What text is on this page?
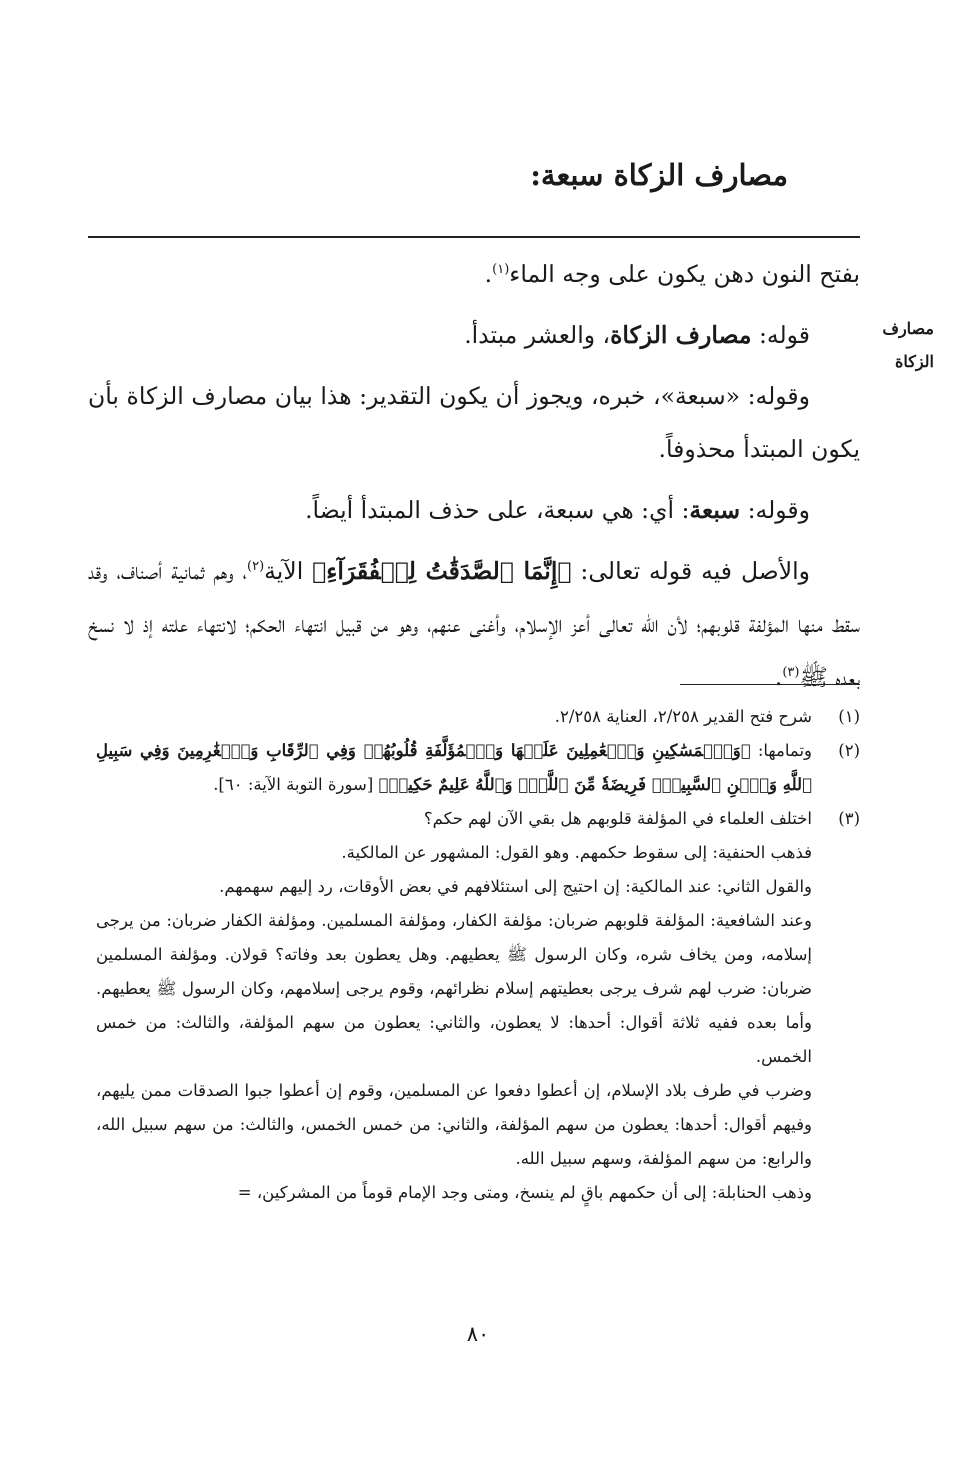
مصارف الزكاة سبعة:
مصارف
الزكاة

بفتح النون دهن يكون على وجه الماء$^{(١)}$.

قوله: مصارف الزكاة، والعشر مبتدأ.

وقوله: «سبعة»، خبره، ويجوز أن يكون التقدير: هذا بيان مصارف الزكاة بأن يكون المبتدأ محذوفاً.

وقوله: سبعة: أي: هي سبعة، على حذف المبتدأ أيضاً.

والأصل فيه قوله تعالى: ﴿إِنَّمَا ٱلصَّدَقَٰتُ لِلۡفُقَرَآءِ﴾ الآية$^{(٢)}$، وهم ثمانية أصناف، وقد سقط منها المؤلفة قلوبهم؛ لأن الله تعالى أعز الإسلام، وأغنى عنهم، وهو من قبيل انتهاء الحكم؛ لانتهاء علته إذ لا نسخ بعده ﷺ$^{(٣)}$.

(١)

شرح فتح القدير ٢/٢٥٨، العناية ٢/٢٥٨.

(٢)

وتمامها: ﴿وَٱلۡمَسَٰكِينِ وَٱلۡعَٰمِلِينَ عَلَيۡهَا وَٱلۡمُؤَلَّفَةِ قُلُوبُهُمۡ وَفِي ٱلرِّقَابِ وَٱلۡغَٰرِمِينَ وَفِي سَبِيلِ ٱللَّهِ وَٱبۡنِ ٱلسَّبِيلِۖ فَرِيضَةٗ مِّنَ ٱللَّهِۗ وَٱللَّهُ عَلِيمٌ حَكِيمٞ﴾ [سورة التوبة الآية: ٦٠].

(٣)

اختلف العلماء في المؤلفة قلوبهم هل بقي الآن لهم حكم؟

فذهب الحنفية: إلى سقوط حكمهم. وهو القول: المشهور عن المالكية.

والقول الثاني: عند المالكية: إن احتيج إلى استئلافهم في بعض الأوقات، رد إليهم سهمهم.

وعند الشافعية: المؤلفة قلوبهم ضربان: مؤلفة الكفار، ومؤلفة المسلمين. ومؤلفة الكفار ضربان: من يرجى إسلامه، ومن يخاف شره، وكان الرسول ﷺ يعطيهم. وهل يعطون بعد وفاته؟ قولان. ومؤلفة المسلمين ضربان: ضرب لهم شرف يرجى بعطيتهم إسلام نظرائهم، وقوم يرجى إسلامهم، وكان الرسول ﷺ يعطيهم. وأما بعده ففيه ثلاثة أقوال: أحدها: لا يعطون، والثاني: يعطون من سهم المؤلفة، والثالث: من خمس الخمس.

وضرب في طرف بلاد الإسلام، إن أعطوا دفعوا عن المسلمين، وقوم إن أعطوا جبوا الصدقات ممن يليهم، وفيهم أقوال: أحدها: يعطون من سهم المؤلفة، والثاني: من خمس الخمس، والثالث: من سهم سبيل الله، والرابع: من سهم المؤلفة، وسهم سبيل الله.

وذهب الحنابلة: إلى أن حكمهم باقٍ لم ينسخ، ومتى وجد الإمام قوماً من المشركين، =

٨٠
